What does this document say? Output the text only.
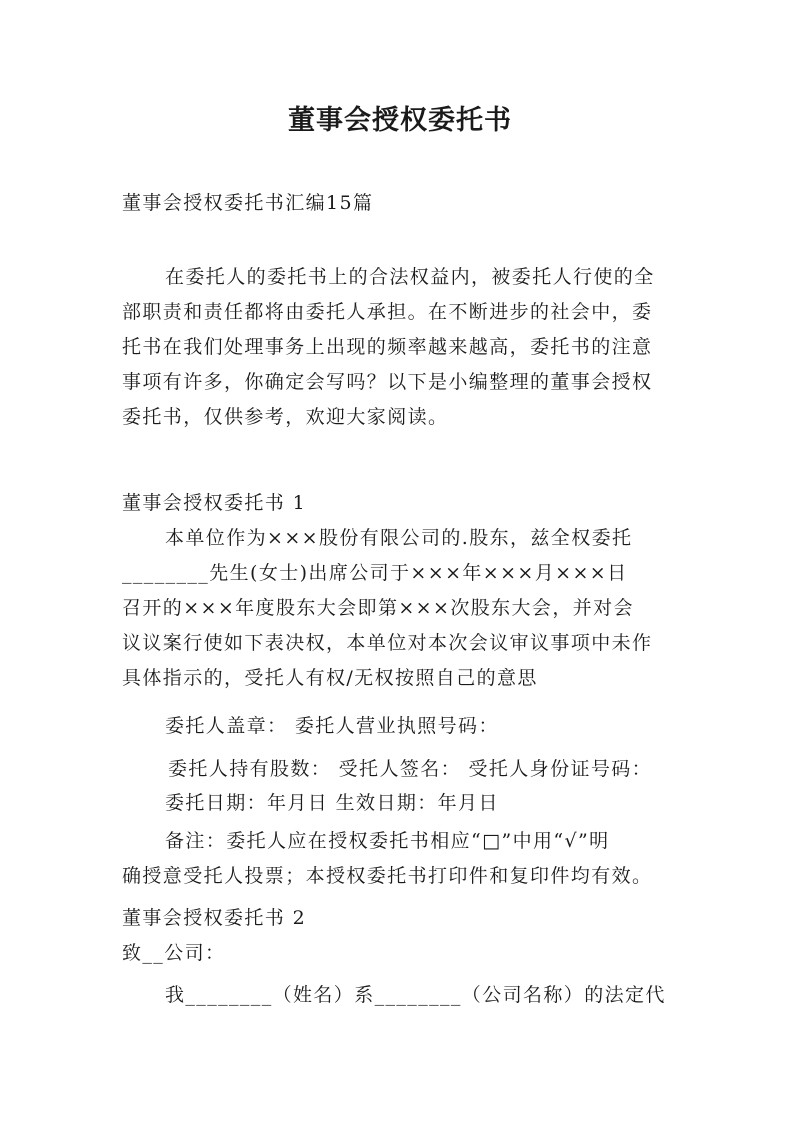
董事会授权委托书

董事会授权委托书汇编15篇

在委托人的委托书上的合法权益内，被委托人行使的全

部职责和责任都将由委托人承担。在不断进步的社会中，委

托书在我们处理事务上出现的频率越来越高，委托书的注意

事项有许多，你确定会写吗？以下是小编整理的董事会授权

委托书，仅供参考，欢迎大家阅读。

董事会授权委托书 1

本单位作为×××股份有限公司的.股东，兹全权委托

________先生(女士)出席公司于×××年×××月×××日

召开的×××年度股东大会即第×××次股东大会，并对会

议议案行使如下表决权，本单位对本次会议审议事项中未作

具体指示的，受托人有权/无权按照自己的意思

委托人盖章： 委托人营业执照号码：

委托人持有股数： 受托人签名： 受托人身份证号码：

委托日期：年月日 生效日期：年月日

备注：委托人应在授权委托书相应“□”中用“√”明

确授意受托人投票；本授权委托书打印件和复印件均有效。

董事会授权委托书 2

致__公司：

我________（姓名）系________（公司名称）的法定代
